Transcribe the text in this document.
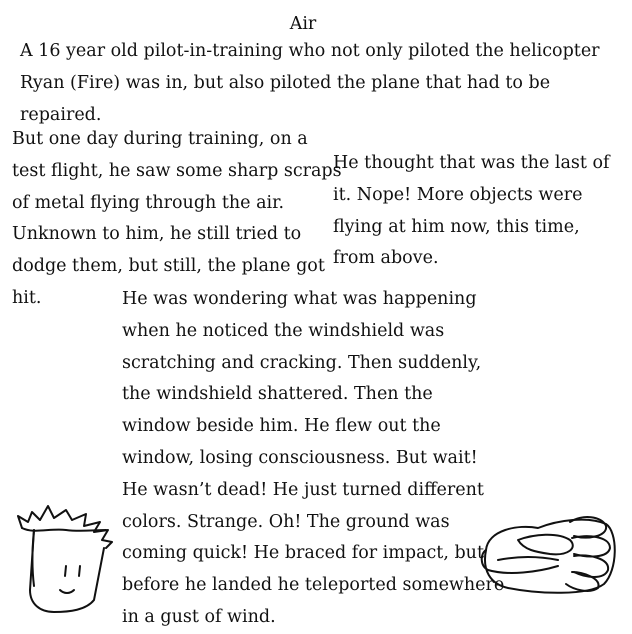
Air
A 16 year old pilot-in-training who not only piloted the helicopter
Ryan (Fire) was in, but also piloted the plane that had to be
repaired.
But one day during training, on a
test flight, he saw some sharp scraps
of metal flying through the air.
Unknown to him, he still tried to
dodge them, but still, the plane got
hit.
He thought that was the last of
it. Nope! More objects were
flying at him now, this time,
from above.
He was wondering what was happening
when he noticed the windshield was
scratching and cracking. Then suddenly,
the windshield shattered. Then the
window beside him. He flew out the
window, losing consciousness. But wait!
He wasn’t dead! He just turned different
colors. Strange. Oh! The ground was
coming quick! He braced for impact, but
before he landed he teleported somewhere
in a gust of wind.
